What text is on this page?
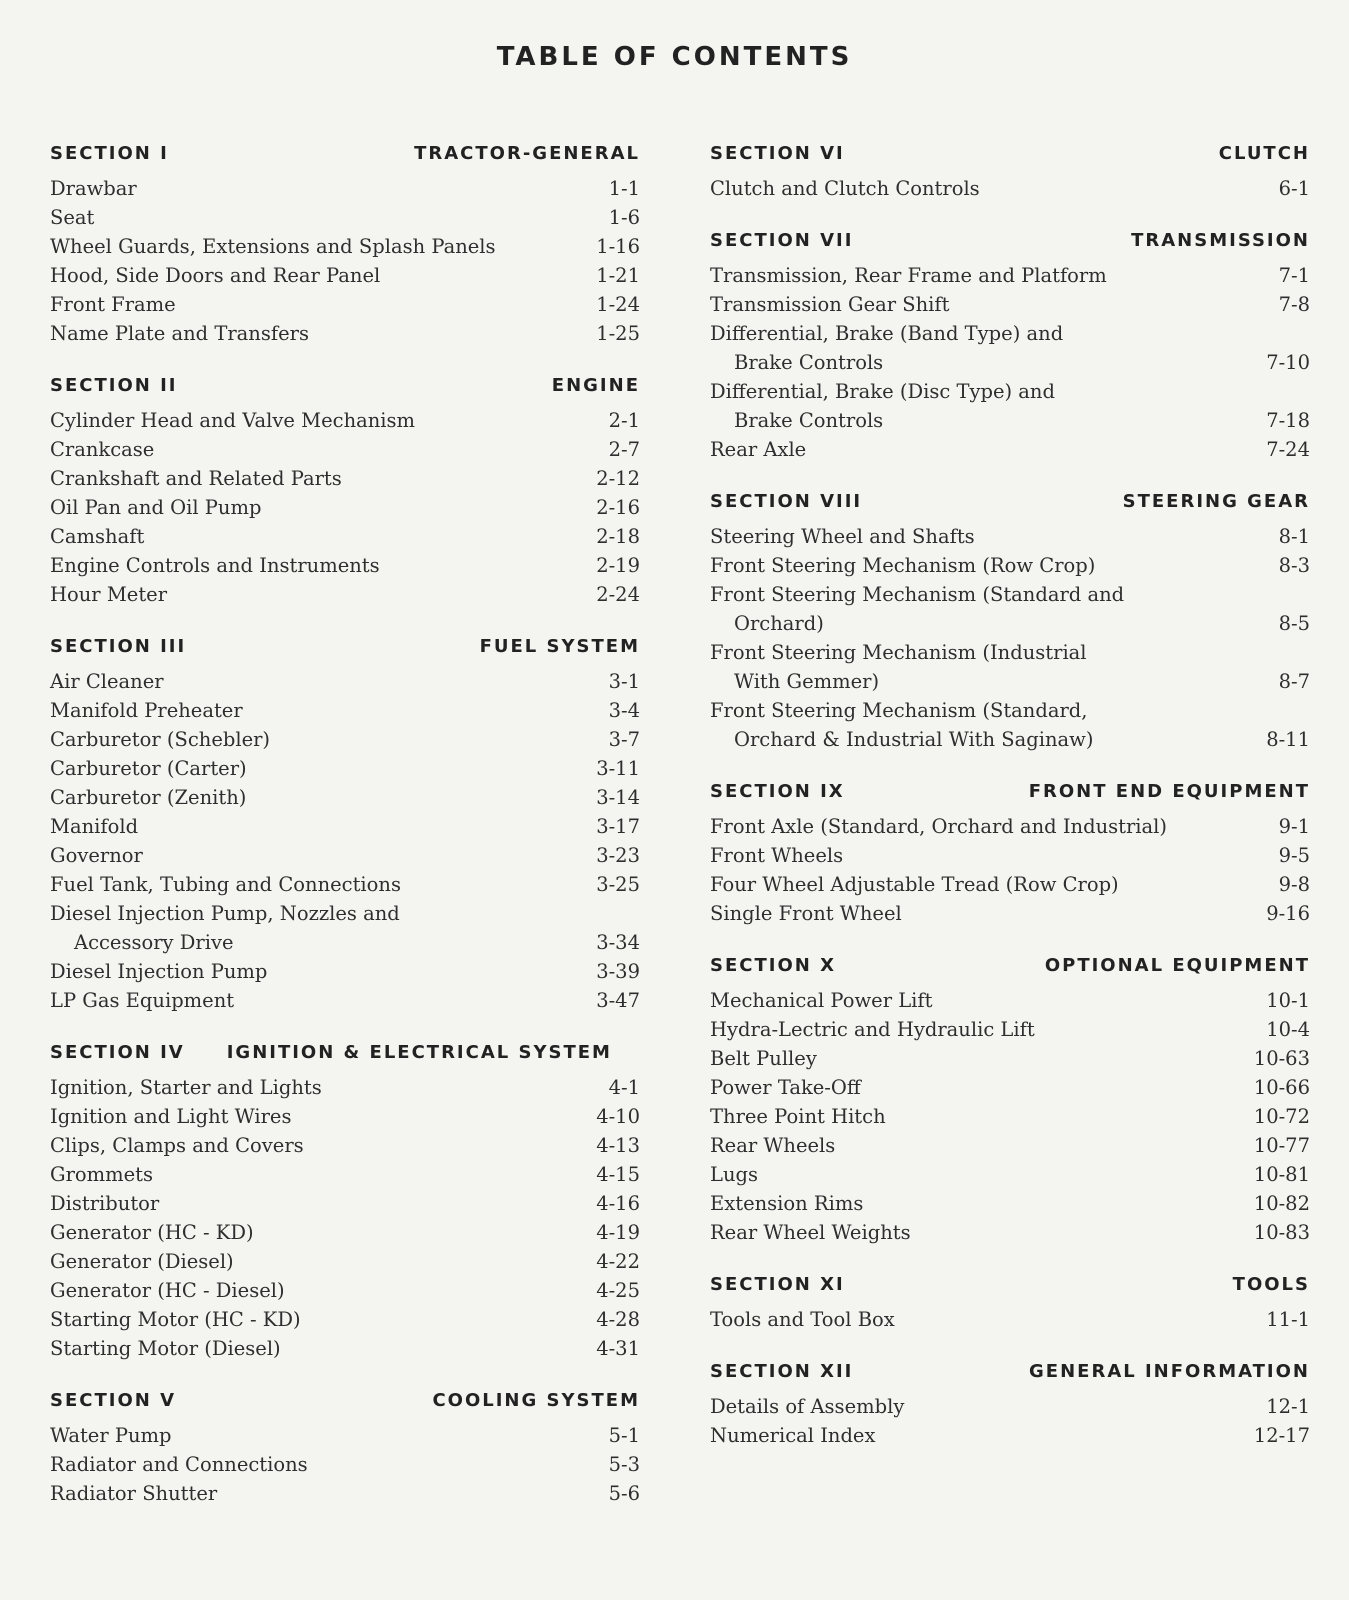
TABLE OF CONTENTS
SECTION I	TRACTOR-GENERAL
Drawbar	1-1
Seat	1-6
Wheel Guards, Extensions and Splash Panels	1-16
Hood, Side Doors and Rear Panel	1-21
Front Frame	1-24
Name Plate and Transfers	1-25
SECTION II	ENGINE
Cylinder Head and Valve Mechanism	2-1
Crankcase	2-7
Crankshaft and Related Parts	2-12
Oil Pan and Oil Pump	2-16
Camshaft	2-18
Engine Controls and Instruments	2-19
Hour Meter	2-24
SECTION III	FUEL SYSTEM
Air Cleaner	3-1
Manifold Preheater	3-4
Carburetor (Schebler)	3-7
Carburetor (Carter)	3-11
Carburetor (Zenith)	3-14
Manifold	3-17
Governor	3-23
Fuel Tank, Tubing and Connections	3-25
Diesel Injection Pump, Nozzles and
Accessory Drive	3-34
Diesel Injection Pump	3-39
LP Gas Equipment	3-47
SECTION IV IGNITION & ELECTRICAL SYSTEM
Ignition, Starter and Lights	4-1
Ignition and Light Wires	4-10
Clips, Clamps and Covers	4-13
Grommets	4-15
Distributor	4-16
Generator (HC - KD)	4-19
Generator (Diesel)	4-22
Generator (HC - Diesel)	4-25
Starting Motor (HC - KD)	4-28
Starting Motor (Diesel)	4-31
SECTION V	COOLING SYSTEM
Water Pump	5-1
Radiator and Connections	5-3
Radiator Shutter	5-6
SECTION VI	CLUTCH
Clutch and Clutch Controls	6-1
SECTION VII	TRANSMISSION
Transmission, Rear Frame and Platform	7-1
Transmission Gear Shift	7-8
Differential, Brake (Band Type) and
Brake Controls	7-10
Differential, Brake (Disc Type) and
Brake Controls	7-18
Rear Axle	7-24
SECTION VIII	STEERING GEAR
Steering Wheel and Shafts	8-1
Front Steering Mechanism (Row Crop)	8-3
Front Steering Mechanism (Standard and
Orchard)	8-5
Front Steering Mechanism (Industrial
With Gemmer)	8-7
Front Steering Mechanism (Standard,
Orchard & Industrial With Saginaw)	8-11
SECTION IX	FRONT END EQUIPMENT
Front Axle (Standard, Orchard and Industrial)	9-1
Front Wheels	9-5
Four Wheel Adjustable Tread (Row Crop)	9-8
Single Front Wheel	9-16
SECTION X	OPTIONAL EQUIPMENT
Mechanical Power Lift	10-1
Hydra-Lectric and Hydraulic Lift	10-4
Belt Pulley	10-63
Power Take-Off	10-66
Three Point Hitch	10-72
Rear Wheels	10-77
Lugs	10-81
Extension Rims	10-82
Rear Wheel Weights	10-83
SECTION XI	TOOLS
Tools and Tool Box	11-1
SECTION XII	GENERAL INFORMATION
Details of Assembly	12-1
Numerical Index	12-17
